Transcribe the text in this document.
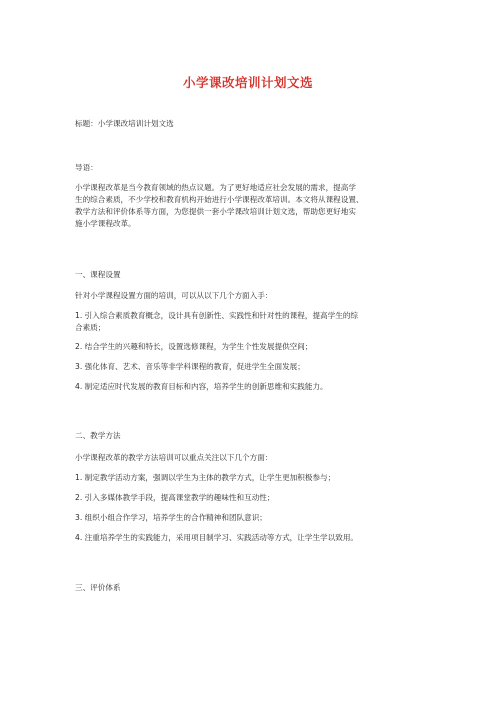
小学课改培训计划文选
标题：小学课改培训计划文选
导语：
小学课程改革是当今教育领域的热点议题。为了更好地适应社会发展的需求，提高学
生的综合素质，不少学校和教育机构开始进行小学课程改革培训。本文将从课程设置、
教学方法和评价体系等方面，为您提供一套小学课改培训计划文选，帮助您更好地实
施小学课程改革。
一、课程设置
针对小学课程设置方面的培训，可以从以下几个方面入手：
1. 引入综合素质教育概念，设计具有创新性、实践性和针对性的课程，提高学生的综
合素质；
2. 结合学生的兴趣和特长，设置选修课程，为学生个性发展提供空间；
3. 强化体育、艺术、音乐等非学科课程的教育，促进学生全面发展；
4. 制定适应时代发展的教育目标和内容，培养学生的创新思维和实践能力。
二、教学方法
小学课程改革的教学方法培训可以重点关注以下几个方面：
1. 制定教学活动方案，强调以学生为主体的教学方式，让学生更加积极参与；
2. 引入多媒体教学手段，提高课堂教学的趣味性和互动性；
3. 组织小组合作学习，培养学生的合作精神和团队意识；
4. 注重培养学生的实践能力，采用项目制学习、实践活动等方式，让学生学以致用。
三、评价体系
